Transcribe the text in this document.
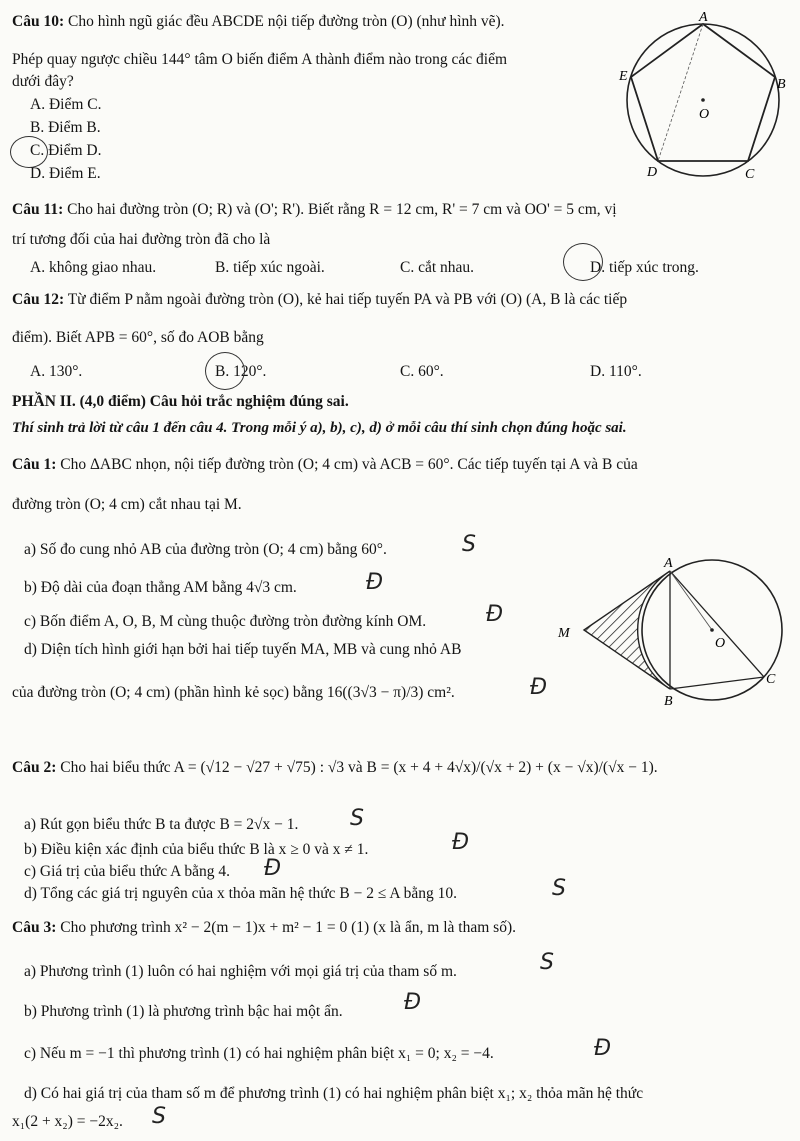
Câu 10: Cho hình ngũ giác đều ABCDE nội tiếp đường tròn (O) (như hình vẽ).
Phép quay ngược chiều 144° tâm O biến điểm A thành điểm nào trong các điểm
dưới đây?
A. Điểm C.
B. Điểm B.
C. Điểm D.
D. Điểm E.
A
B
C
D
E
O
Câu 11: Cho hai đường tròn (O; R) và (O'; R'). Biết rằng R = 12 cm, R' = 7 cm và OO' = 5 cm, vị
trí tương đối của hai đường tròn đã cho là
A. không giao nhau.	B. tiếp xúc ngoài.	C. cắt nhau.	D. tiếp xúc trong.
Câu 12: Từ điểm P nằm ngoài đường tròn (O), kẻ hai tiếp tuyến PA và PB với (O) (A, B là các tiếp
điểm). Biết APB = 60°, số đo AOB bằng
A. 130°.	B. 120°.	C. 60°.	D. 110°.
PHẦN II. (4,0 điểm) Câu hỏi trắc nghiệm đúng sai.
Thí sinh trả lời từ câu 1 đến câu 4. Trong mỗi ý a), b), c), d) ở mỗi câu thí sinh chọn đúng hoặc sai.
Câu 1: Cho ΔABC nhọn, nội tiếp đường tròn (O; 4 cm) và ACB = 60°. Các tiếp tuyến tại A và B của
đường tròn (O; 4 cm) cắt nhau tại M.
a) Số đo cung nhỏ AB của đường tròn (O; 4 cm) bằng 60°.	S
b) Độ dài của đoạn thẳng AM bằng 4√3 cm.	Đ
c) Bốn điểm A, O, B, M cùng thuộc đường tròn đường kính OM.	Đ
d) Diện tích hình giới hạn bởi hai tiếp tuyến MA, MB và cung nhỏ AB
của đường tròn (O; 4 cm) (phần hình kẻ sọc) bằng 16((3√3 − π)/3) cm².	Đ
A
B
C
M
O
Câu 2: Cho hai biểu thức A = (√12 − √27 + √75) : √3 và B = (x + 4 + 4√x)/(√x + 2) + (x − √x)/(√x − 1).
a) Rút gọn biểu thức B ta được B = 2√x − 1. S
b) Điều kiện xác định của biểu thức B là x ≥ 0 và x ≠ 1.	Đ
c) Giá trị của biểu thức A bằng 4. Đ
d) Tổng các giá trị nguyên của x thỏa mãn hệ thức B − 2 ≤ A bằng 10.	S
Câu 3: Cho phương trình x² − 2(m − 1)x + m² − 1 = 0 (1) (x là ẩn, m là tham số).
a) Phương trình (1) luôn có hai nghiệm với mọi giá trị của tham số m.	S
b) Phương trình (1) là phương trình bậc hai một ẩn.	Đ
c) Nếu m = −1 thì phương trình (1) có hai nghiệm phân biệt x₁ = 0; x₂ = −4.	Đ
d) Có hai giá trị của tham số m để phương trình (1) có hai nghiệm phân biệt x₁; x₂ thỏa mãn hệ thức
x₁(2 + x₂) = −2x₂. S
